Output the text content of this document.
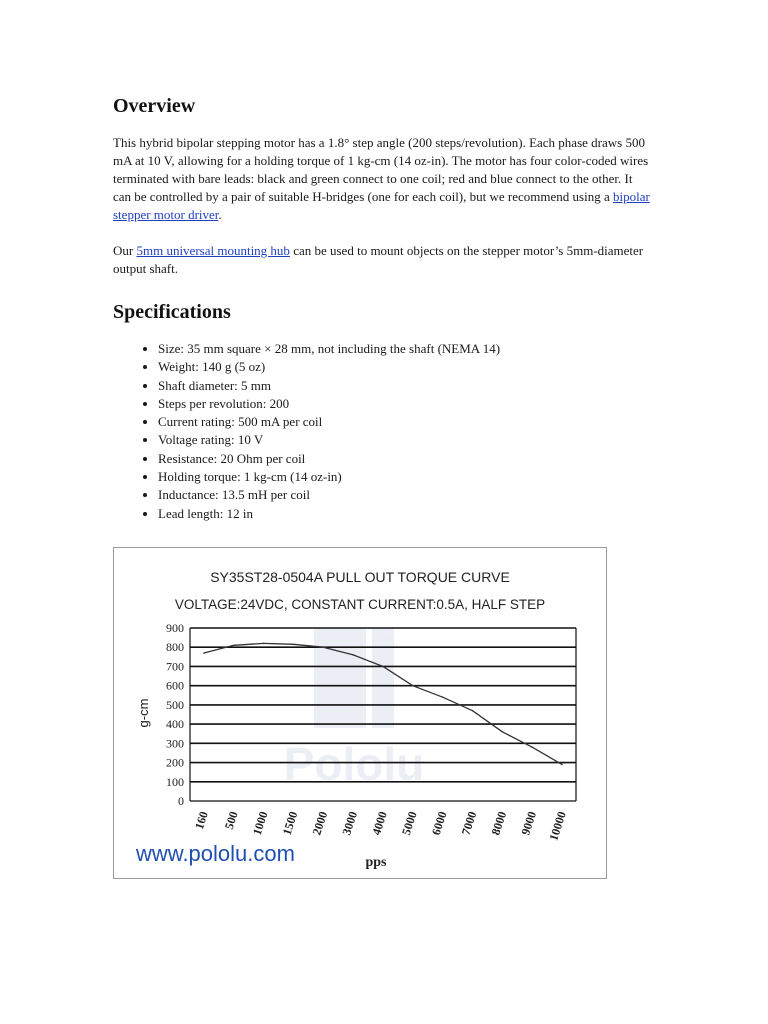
Overview

This hybrid bipolar stepping motor has a 1.8° step angle (200 steps/revolution). Each phase draws 500 mA at 10 V, allowing for a holding torque of 1 kg-cm (14 oz-in). The motor has four color-coded wires terminated with bare leads: black and green connect to one coil; red and blue connect to the other. It can be controlled by a pair of suitable H-bridges (one for each coil), but we recommend using a bipolar stepper motor driver.

Our 5mm universal mounting hub can be used to mount objects on the stepper motor’s 5mm-diameter output shaft.

Specifications
• Size: 35 mm square × 28 mm, not including the shaft (NEMA 14)
• Weight: 140 g (5 oz)
• Shaft diameter: 5 mm
• Steps per revolution: 200
• Current rating: 500 mA per coil
• Voltage rating: 10 V
• Resistance: 20 Ohm per coil
• Holding torque: 1 kg-cm (14 oz-in)
• Inductance: 13.5 mH per coil
• Lead length: 12 in
Pololu
SY35ST28-0504A PULL OUT TORQUE CURVE
VOLTAGE:24VDC, CONSTANT CURRENT:0.5A, HALF STEP
g-cm
pps
www.pololu.com
0
100
200
300
400
500
600
700
800
900
160 500 1000 1500 2000 3000 4000 5000 6000 7000 8000 9000 10000
